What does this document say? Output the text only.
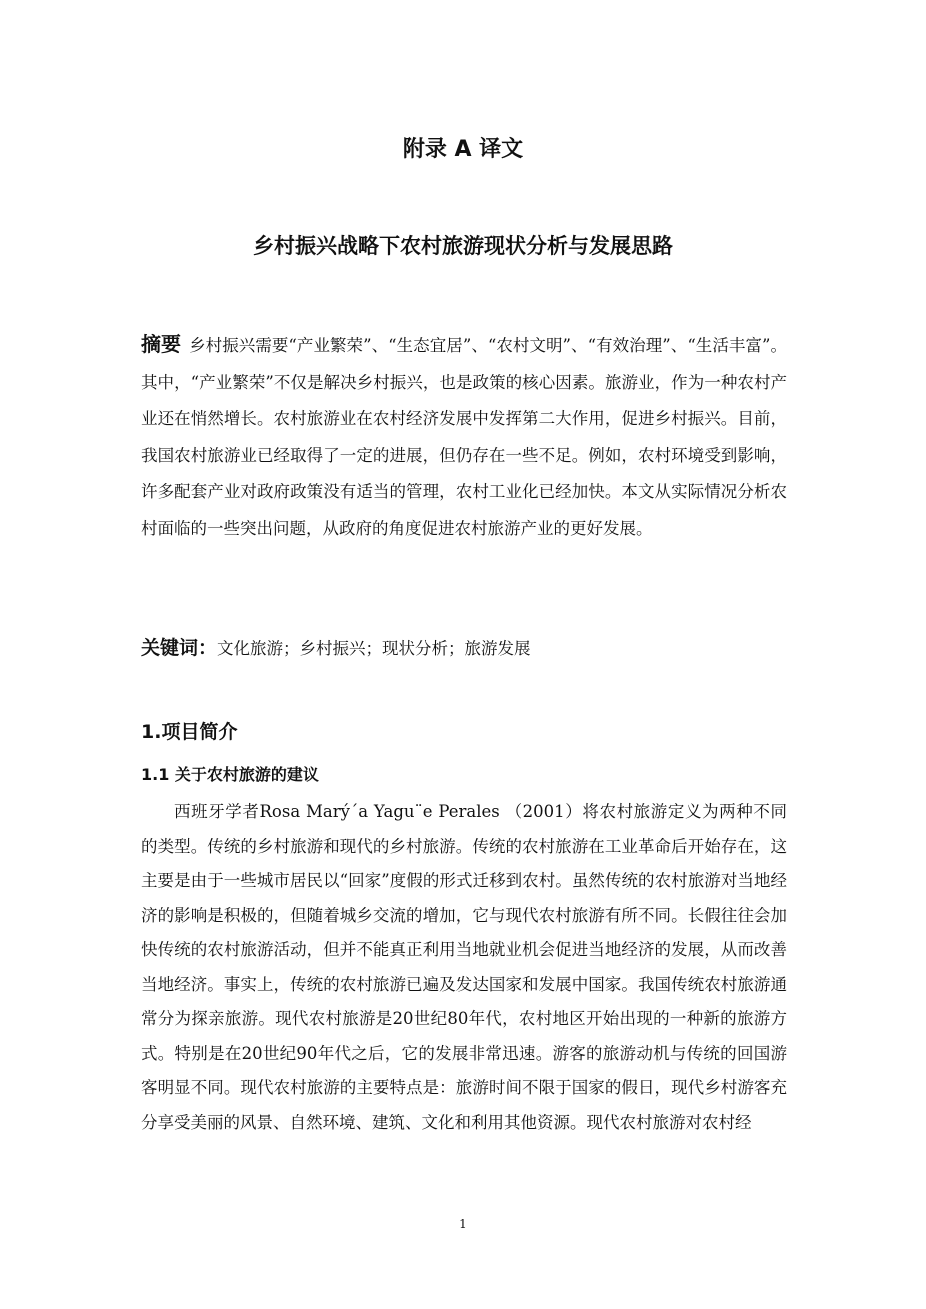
附录 A 译文
乡村振兴战略下农村旅游现状分析与发展思路
摘要 乡村振兴需要“产业繁荣”、“生态宜居”、“农村文明”、“有效治理”、“生活丰富”。其中，“产业繁荣”不仅是解决乡村振兴，也是政策的核心因素。旅游业，作为一种农村产业还在悄然增长。农村旅游业在农村经济发展中发挥第二大作用，促进乡村振兴。目前，我国农村旅游业已经取得了一定的进展，但仍存在一些不足。例如，农村环境受到影响，许多配套产业对政府政策没有适当的管理，农村工业化已经加快。本文从实际情况分析农村面临的一些突出问题，从政府的角度促进农村旅游产业的更好发展。
关键词：文化旅游；乡村振兴；现状分析；旅游发展
1.项目简介
1.1 关于农村旅游的建议
西班牙学者Rosa Marý´a Yagu¨e Perales （2001）将农村旅游定义为两种不同的类型。传统的乡村旅游和现代的乡村旅游。传统的农村旅游在工业革命后开始存在，这主要是由于一些城市居民以“回家”度假的形式迁移到农村。虽然传统的农村旅游对当地经济的影响是积极的，但随着城乡交流的增加，它与现代农村旅游有所不同。长假往往会加快传统的农村旅游活动，但并不能真正利用当地就业机会促进当地经济的发展，从而改善当地经济。事实上，传统的农村旅游已遍及发达国家和发展中国家。我国传统农村旅游通常分为探亲旅游。现代农村旅游是20世纪80年代，农村地区开始出现的一种新的旅游方式。特别是在20世纪90年代之后，它的发展非常迅速。游客的旅游动机与传统的回国游客明显不同。现代农村旅游的主要特点是：旅游时间不限于国家的假日，现代乡村游客充分享受美丽的风景、自然环境、建筑、文化和利用其他资源。现代农村旅游对农村经
1
